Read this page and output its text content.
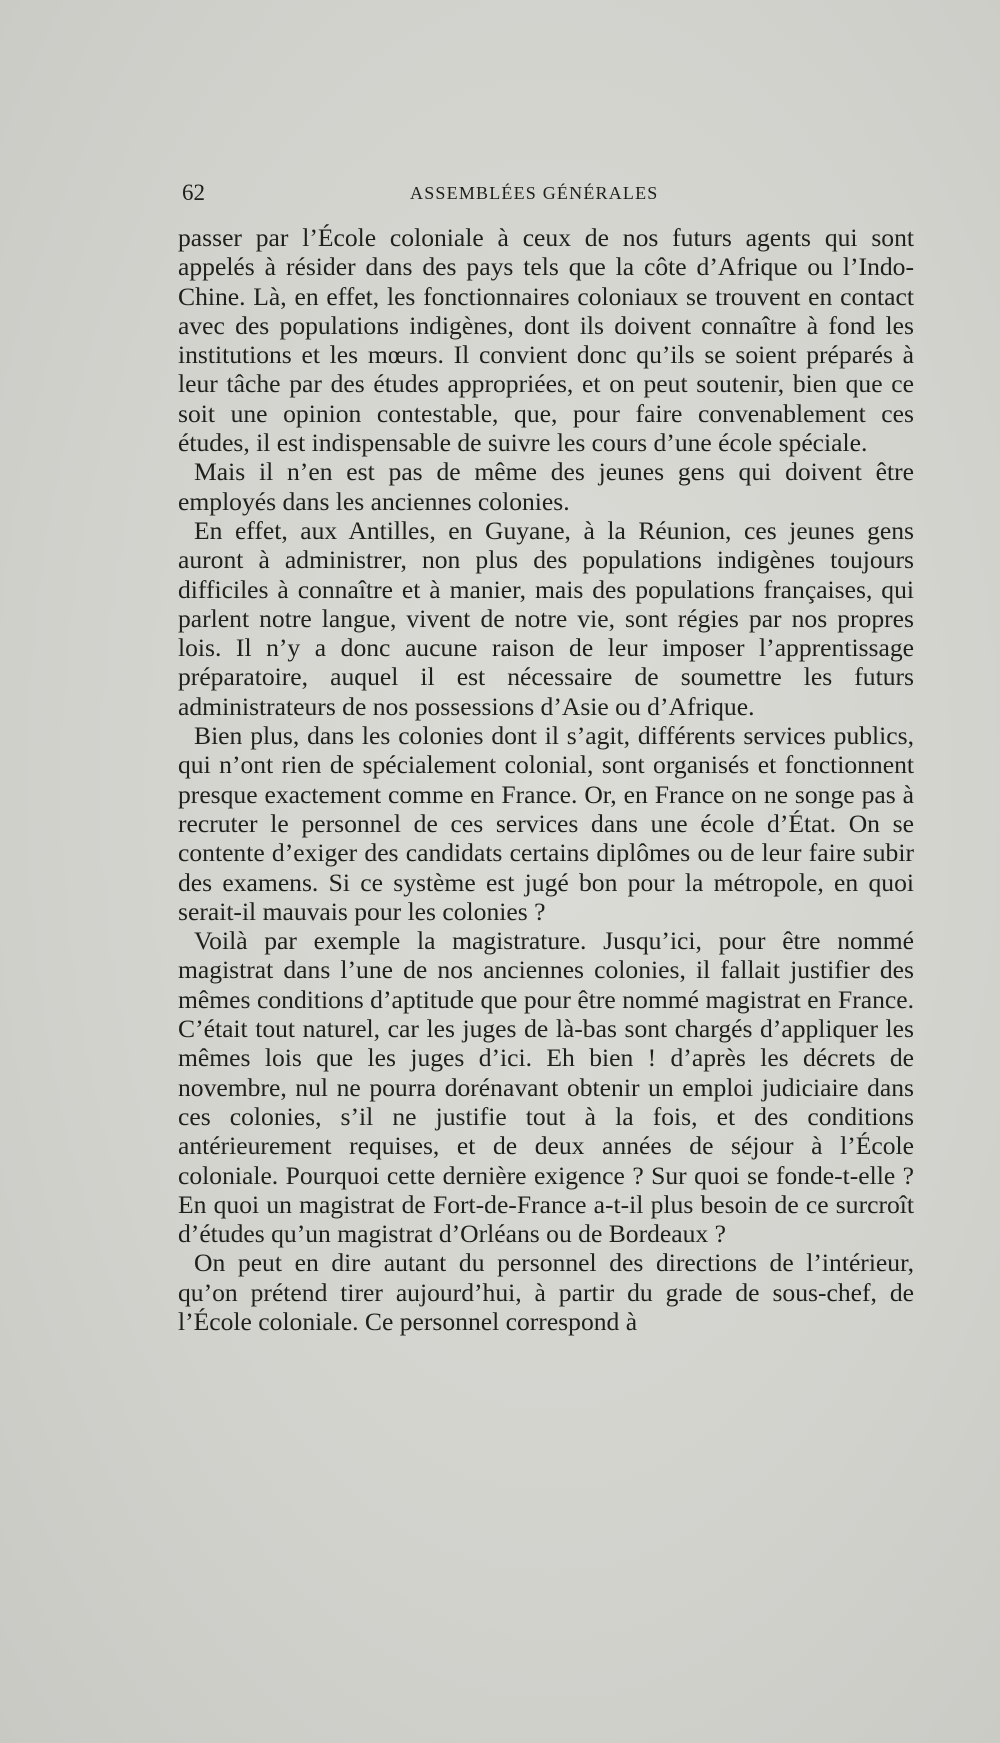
62	ASSEMBLÉES GÉNÉRALES

passer par l’École coloniale à ceux de nos futurs agents qui sont appelés à résider dans des pays tels que la côte d’Afrique ou l’Indo-Chine. Là, en effet, les fonctionnaires coloniaux se trouvent en contact avec des populations indigènes, dont ils doivent connaître à fond les institutions et les mœurs. Il convient donc qu’ils se soient préparés à leur tâche par des études appropriées, et on peut soutenir, bien que ce soit une opinion contestable, que, pour faire convenablement ces études, il est indispensable de suivre les cours d’une école spéciale.

Mais il n’en est pas de même des jeunes gens qui doivent être employés dans les anciennes colonies.

En effet, aux Antilles, en Guyane, à la Réunion, ces jeunes gens auront à administrer, non plus des populations indigènes toujours difficiles à connaître et à manier, mais des populations françaises, qui parlent notre langue, vivent de notre vie, sont régies par nos propres lois. Il n’y a donc aucune raison de leur imposer l’apprentissage préparatoire, auquel il est nécessaire de soumettre les futurs administrateurs de nos possessions d’Asie ou d’Afrique.

Bien plus, dans les colonies dont il s’agit, différents services publics, qui n’ont rien de spécialement colonial, sont organisés et fonctionnent presque exactement comme en France. Or, en France on ne songe pas à recruter le personnel de ces services dans une école d’État. On se contente d’exiger des candidats certains diplômes ou de leur faire subir des examens. Si ce système est jugé bon pour la métropole, en quoi serait-il mauvais pour les colonies ?

Voilà par exemple la magistrature. Jusqu’ici, pour être nommé magistrat dans l’une de nos anciennes colonies, il fallait justifier des mêmes conditions d’aptitude que pour être nommé magistrat en France. C’était tout naturel, car les juges de là-bas sont chargés d’appliquer les mêmes lois que les juges d’ici. Eh bien ! d’après les décrets de novembre, nul ne pourra dorénavant obtenir un emploi judiciaire dans ces colonies, s’il ne justifie tout à la fois, et des conditions antérieurement requises, et de deux années de séjour à l’École coloniale. Pourquoi cette dernière exigence ? Sur quoi se fonde-t-elle ? En quoi un magistrat de Fort-de-France a-t-il plus besoin de ce surcroît d’études qu’un magistrat d’Orléans ou de Bordeaux ?

On peut en dire autant du personnel des directions de l’intérieur, qu’on prétend tirer aujourd’hui, à partir du grade de sous-chef, de l’École coloniale. Ce personnel correspond à
